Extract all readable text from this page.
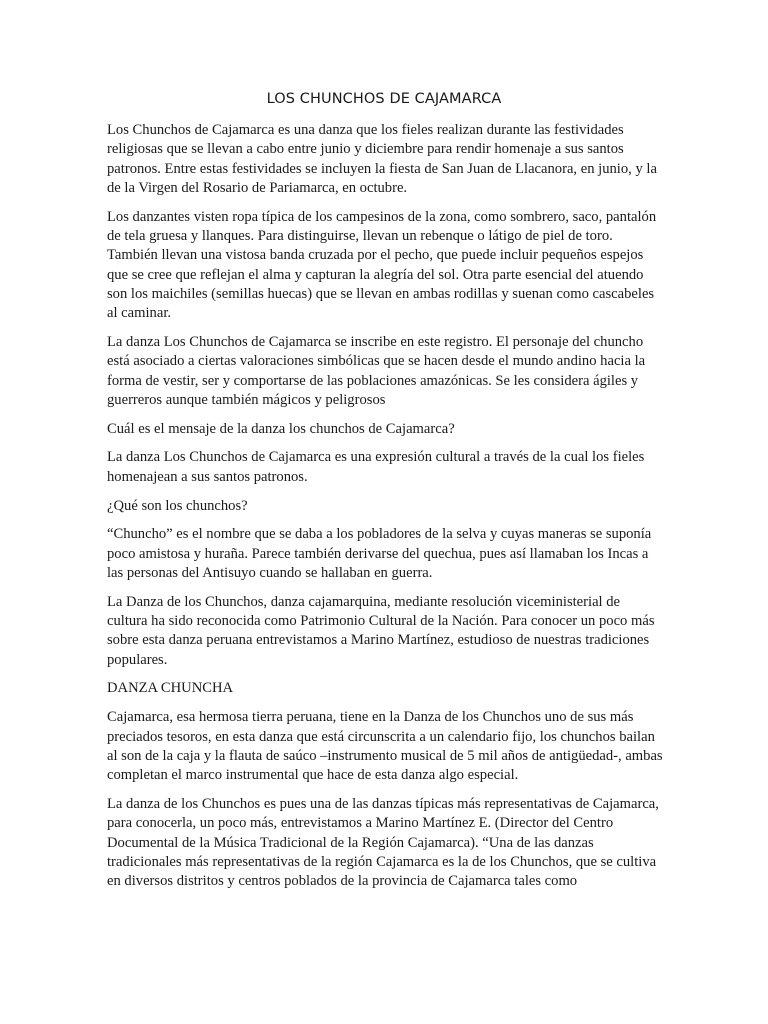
LOS CHUNCHOS DE CAJAMARCA

Los Chunchos de Cajamarca es una danza que los fieles realizan durante las festividades religiosas que se llevan a cabo entre junio y diciembre para rendir homenaje a sus santos patronos. Entre estas festividades se incluyen la fiesta de San Juan de Llacanora, en junio, y la de la Virgen del Rosario de Pariamarca, en octubre.

Los danzantes visten ropa típica de los campesinos de la zona, como sombrero, saco, pantalón de tela gruesa y llanques. Para distinguirse, llevan un rebenque o látigo de piel de toro. También llevan una vistosa banda cruzada por el pecho, que puede incluir pequeños espejos que se cree que reflejan el alma y capturan la alegría del sol. Otra parte esencial del atuendo son los maichiles (semillas huecas) que se llevan en ambas rodillas y suenan como cascabeles al caminar.

La danza Los Chunchos de Cajamarca se inscribe en este registro. El personaje del chuncho está asociado a ciertas valoraciones simbólicas que se hacen desde el mundo andino hacia la forma de vestir, ser y comportarse de las poblaciones amazónicas. Se les considera ágiles y guerreros aunque también mágicos y peligrosos

Cuál es el mensaje de la danza los chunchos de Cajamarca?

La danza Los Chunchos de Cajamarca es una expresión cultural a través de la cual los fieles homenajean a sus santos patronos.

¿Qué son los chunchos?

“Chuncho” es el nombre que se daba a los pobladores de la selva y cuyas maneras se suponía poco amistosa y huraña. Parece también derivarse del quechua, pues así llamaban los Incas a las personas del Antisuyo cuando se hallaban en guerra.

La Danza de los Chunchos, danza cajamarquina, mediante resolución viceministerial de cultura ha sido reconocida como Patrimonio Cultural de la Nación. Para conocer un poco más sobre esta danza peruana entrevistamos a Marino Martínez, estudioso de nuestras tradiciones populares.

DANZA CHUNCHA

Cajamarca, esa hermosa tierra peruana, tiene en la Danza de los Chunchos uno de sus más preciados tesoros, en esta danza que está circunscrita a un calendario fijo, los chunchos bailan al son de la caja y la flauta de saúco –instrumento musical de 5 mil años de antigüedad-, ambas completan el marco instrumental que hace de esta danza algo especial.

La danza de los Chunchos es pues una de las danzas típicas más representativas de Cajamarca, para conocerla, un poco más, entrevistamos a Marino Martínez E. (Director del Centro Documental de la Música Tradicional de la Región Cajamarca). “Una de las danzas tradicionales más representativas de la región Cajamarca es la de los Chunchos, que se cultiva en diversos distritos y centros poblados de la provincia de Cajamarca tales como
